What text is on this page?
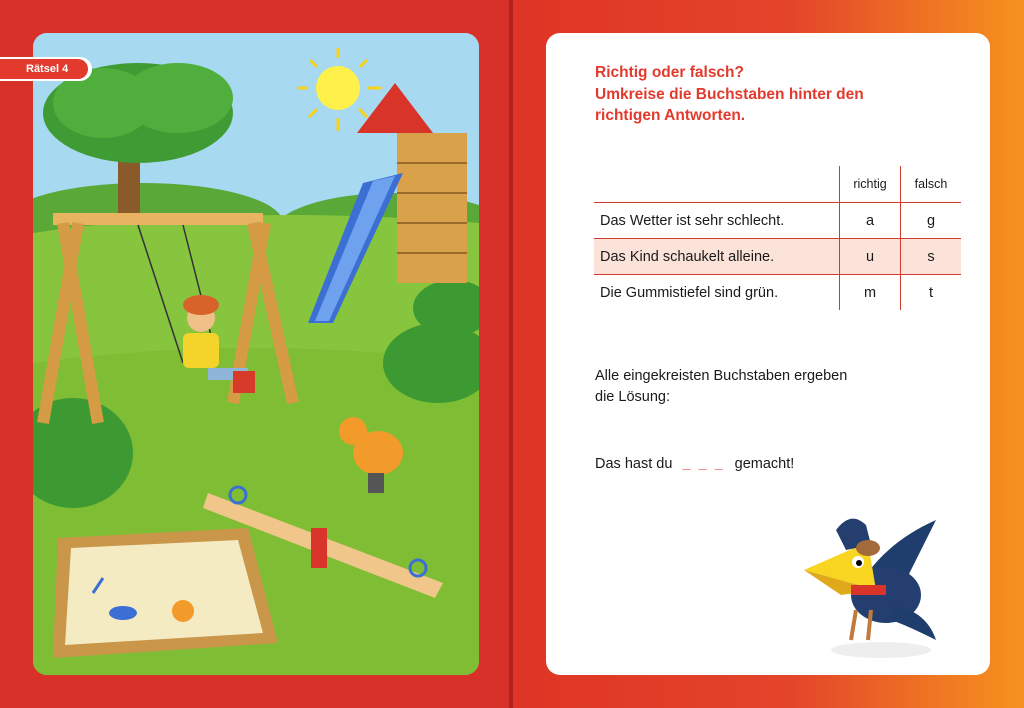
Rätsel 4	Richtig oder falsch?
Umkreise die Buchstaben hinter den
richtigen Antworten.

	richtig	falsch
Das Wetter ist sehr schlecht.	a	g
Das Kind schaukelt alleine.	u	s
Die Gummistiefel sind grün.	m	t
Alle eingekreisten Buchstaben ergeben
die Lösung:
Das hast du _ _ _ gemacht!
